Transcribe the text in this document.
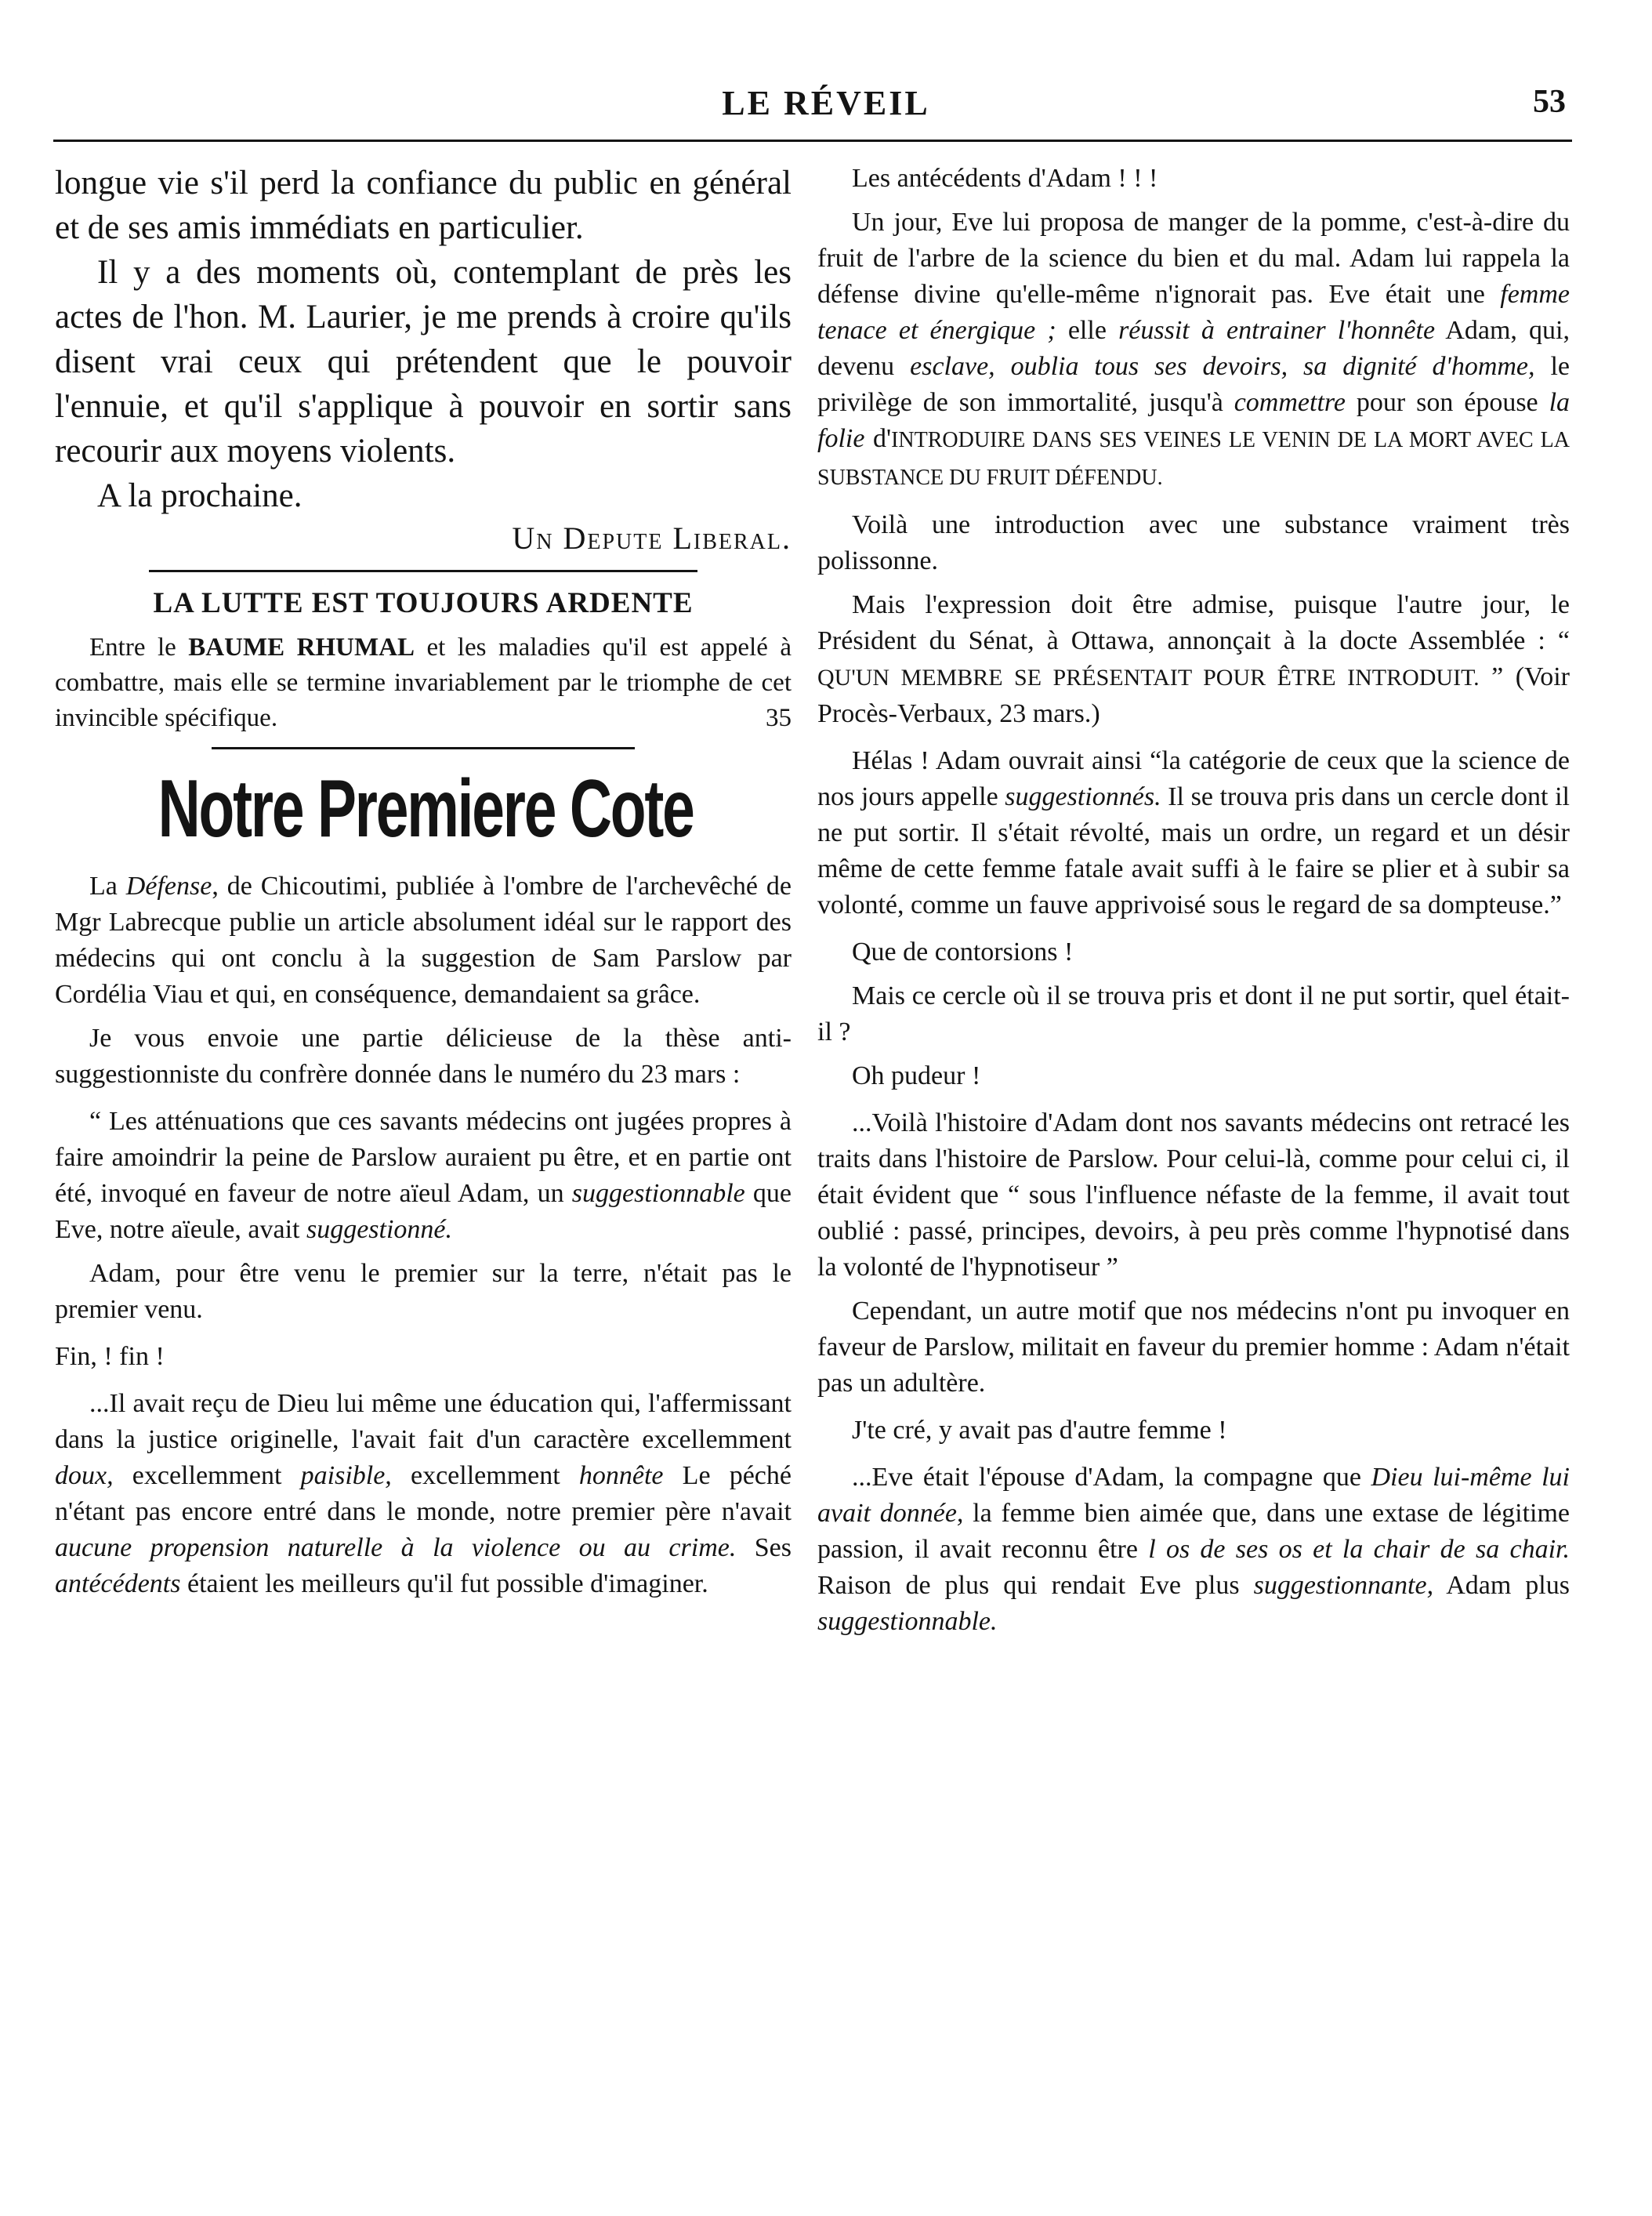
LE RÉVEIL	53

longue vie s'il perd la confiance du public en général et de ses amis immédiats en particulier.

Il y a des moments où, contemplant de près les actes de l'hon. M. Laurier, je me prends à croire qu'ils disent vrai ceux qui prétendent que le pouvoir l'ennuie, et qu'il s'applique à pouvoir en sortir sans recourir aux moyens violents.

A la prochaine.

Un Depute Liberal.
LA LUTTE EST TOUJOURS ARDENTE

Entre le BAUME RHUMAL et les maladies qu'il est appelé à combattre, mais elle se termine invariablement par le triomphe de cet invincible spécifique.	35

Notre Premiere Cote

La Défense, de Chicoutimi, publiée à l'ombre de l'archevêché de Mgr Labrecque publie un article absolument idéal sur le rapport des médecins qui ont conclu à la suggestion de Sam Parslow par Cordélia Viau et qui, en conséquence, demandaient sa grâce.

Je vous envoie une partie délicieuse de la thèse anti-suggestionniste du confrère donnée dans le numéro du 23 mars :

“ Les atténuations que ces savants médecins ont jugées propres à faire amoindrir la peine de Parslow auraient pu être, et en partie ont été, invoqué en faveur de notre aïeul Adam, un suggestionnable que Eve, notre aïeule, avait suggestionné.

Adam, pour être venu le premier sur la terre, n'était pas le premier venu.

Fin, ! fin !

...Il avait reçu de Dieu lui même une éducation qui, l'affermissant dans la justice originelle, l'avait fait d'un caractère excellemment doux, excellemment paisible, excellemment honnête Le péché n'étant pas encore entré dans le monde, notre premier père n'avait aucune propension naturelle à la violence ou au crime. Ses antécédents étaient les meilleurs qu'il fut possible d'imaginer.

Les antécédents d'Adam ! ! !

Un jour, Eve lui proposa de manger de la pomme, c'est-à-dire du fruit de l'arbre de la science du bien et du mal. Adam lui rappela la défense divine qu'elle-même n'ignorait pas. Eve était une femme tenace et énergique ; elle réussit à entrainer l'honnête Adam, qui, devenu esclave, oublia tous ses devoirs, sa dignité d'homme, le privilège de son immortalité, jusqu'à commettre pour son épouse la folie d'INTRODUIRE DANS SES VEINES LE VENIN DE LA MORT AVEC LA SUBSTANCE DU FRUIT DÉFENDU.

Voilà une introduction avec une substance vraiment très polissonne.

Mais l'expression doit être admise, puisque l'autre jour, le Président du Sénat, à Ottawa, annonçait à la docte Assemblée : “ QU'UN MEMBRE SE PRÉSENTAIT POUR ÊTRE INTRODUIT. ” (Voir Procès-Verbaux, 23 mars.)

Hélas ! Adam ouvrait ainsi “la catégorie de ceux que la science de nos jours appelle suggestionnés. Il se trouva pris dans un cercle dont il ne put sortir. Il s'était révolté, mais un ordre, un regard et un désir même de cette femme fatale avait suffi à le faire se plier et à subir sa volonté, comme un fauve apprivoisé sous le regard de sa dompteuse.”

Que de contorsions !

Mais ce cercle où il se trouva pris et dont il ne put sortir, quel était-il ?

Oh pudeur !

...Voilà l'histoire d'Adam dont nos savants médecins ont retracé les traits dans l'histoire de Parslow. Pour celui-là, comme pour celui ci, il était évident que “ sous l'influence néfaste de la femme, il avait tout oublié : passé, principes, devoirs, à peu près comme l'hypnotisé dans la volonté de l'hypnotiseur ”

Cependant, un autre motif que nos médecins n'ont pu invoquer en faveur de Parslow, militait en faveur du premier homme : Adam n'était pas un adultère.

J'te cré, y avait pas d'autre femme !

...Eve était l'épouse d'Adam, la compagne que Dieu lui-même lui avait donnée, la femme bien aimée que, dans une extase de légitime passion, il avait reconnu être l os de ses os et la chair de sa chair. Raison de plus qui rendait Eve plus suggestionnante, Adam plus suggestionnable.
